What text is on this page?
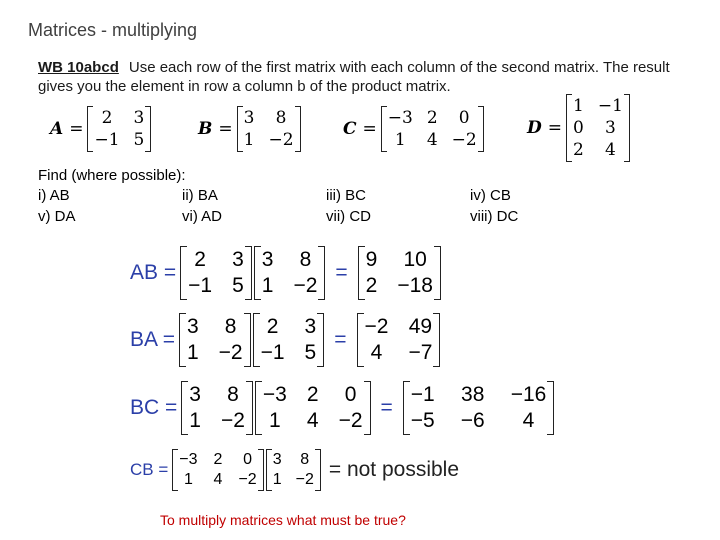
Matrices - multiplying
WB 10abcd Use each row of the first matrix with each column of the second matrix. The result gives you the element in row a column b of the product matrix.
A =
2	3
−1 5
B =
3	8
1 −2
C =
−3 2	0
1	4 −2
D =
1 −1
0	3
2	4
Find (where possible):
i) AB	ii) BA	iii) BC	iv) CB
v) DA	vi) AD	vii) CD	viii) DC
AB =
2 3
−1 5
3 8
1 −2
=
9 10
2 −18
BA =
3 8
1 −2
2 3
−1 5
=
−2 49
4 −7
BC =
3 8
1 −2
−3 2 0
1 4 −2
=
−1 38 −16
−5 −6	4
CB =
−3 2 0
1 4 −2
3 8
1 −2 = not possible
To multiply matrices what must be true?
